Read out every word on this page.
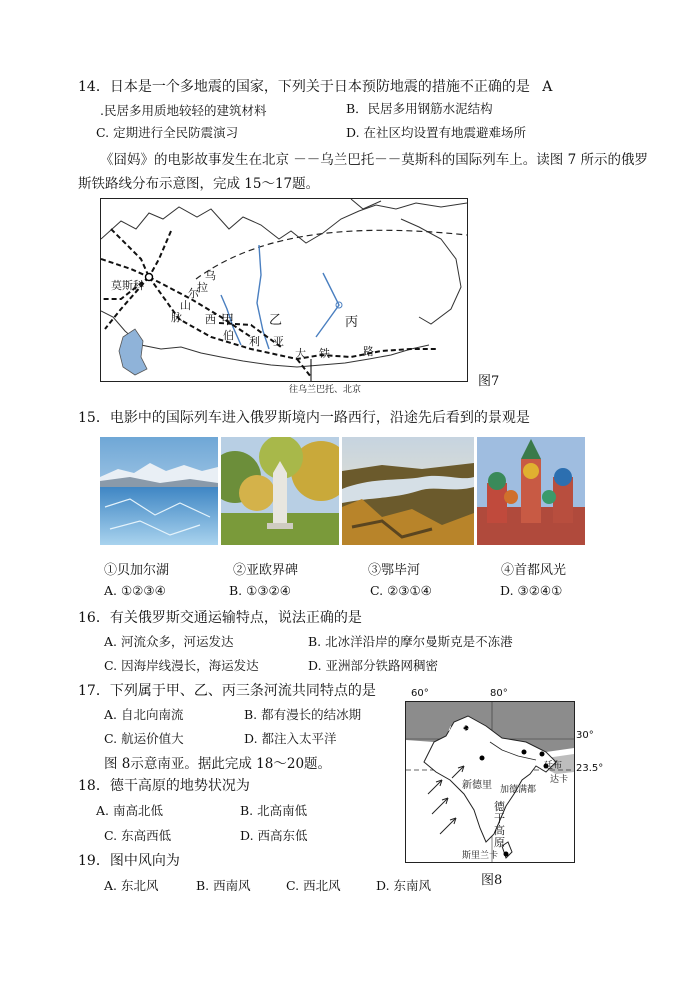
14．日本是一个多地震的国家，下列关于日本预防地震的措施不正确的是 A
.民居多用质地较轻的建筑材料	B．民居多用钢筋水泥结构
C. 定期进行全民防震演习	D. 在社区均设置有地震避难场所
《囧妈》的电影故事发生在北京 －－乌兰巴托－－莫斯科的国际列车上。读图 7 所示的俄罗
斯铁路线分布示意图，完成 15～17题。
莫斯科
乌
拉
尔
山
脉 西
伯 利 亚
大 铁	路
甲	乙	丙
往乌兰巴托、北京
图7
15．电影中的国际列车进入俄罗斯境内一路西行，沿途先后看到的景观是
①贝加尔湖	②亚欧界碑	③鄂毕河	④首都风光
A. ①②③④	B. ①③②④	C. ②③①④	D. ③②④①
16．有关俄罗斯交通运输特点，说法正确的是
A. 河流众多，河运发达	B. 北冰洋沿岸的摩尔曼斯克是不冻港
C. 因海岸线漫长，海运发达	D. 亚洲部分铁路网稠密
17．下列属于甲、乙、丙三条河流共同特点的是
A. 自北向南流	B. 都有漫长的结冰期
C. 航运价值大	D. 都注入太平洋
图 8示意南亚。据此完成 18～20题。
18．德干高原的地势状况为
A. 南高北低	B. 北高南低
C. 东高西低	D. 西高东低
19．图中风向为
A. 东北风	B. 西南风	C. 西北风	D. 东南风
60°	80°
30°
23.5°
伊斯兰堡
新德里 加德满都
廷布
达卡
德
干
高
原
斯里兰卡
图8
